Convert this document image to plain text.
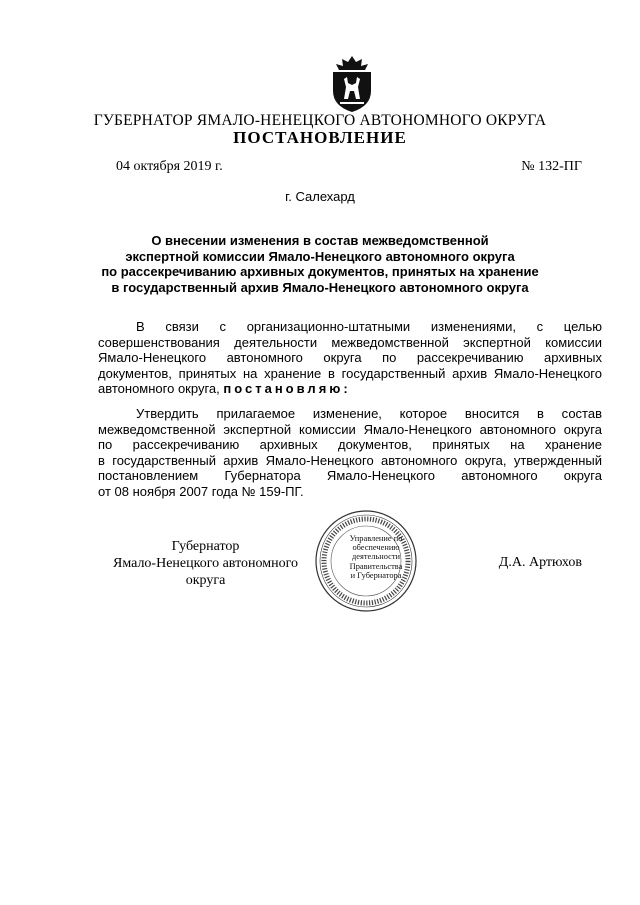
ГУБЕРНАТОР ЯМАЛО-НЕНЕЦКОГО АВТОНОМНОГО ОКРУГА
ПОСТАНОВЛЕНИЕ
04 октября 2019 г.	№ 132-ПГ
г. Салехард
О внесении изменения в состав межведомственной
экспертной комиссии Ямало-Ненецкого автономного округа
по рассекречиванию архивных документов, принятых на хранение
в государственный архив Ямало-Ненецкого автономного округа
В связи с организационно-штатными изменениями, с целью
совершенствования деятельности межведомственной экспертной комиссии
Ямало-Ненецкого автономного округа по рассекречиванию архивных
документов, принятых на хранение в государственный архив Ямало-Ненецкого
автономного округа, постановляю:
Утвердить прилагаемое изменение, которое вносится в состав
межведомственной экспертной комиссии Ямало-Ненецкого автономного округа
по рассекречиванию архивных документов, принятых на хранение
в государственный архив Ямало-Ненецкого автономного округа, утвержденный
постановлением Губернатора Ямало-Ненецкого автономного округа
от 08 ноября 2007 года № 159-ПГ.
Губернатор
Ямало-Ненецкого автономного округа
Д.А. Артюхов
Управление по
обеспечению
деятельности
Правительства
и Губернатора
